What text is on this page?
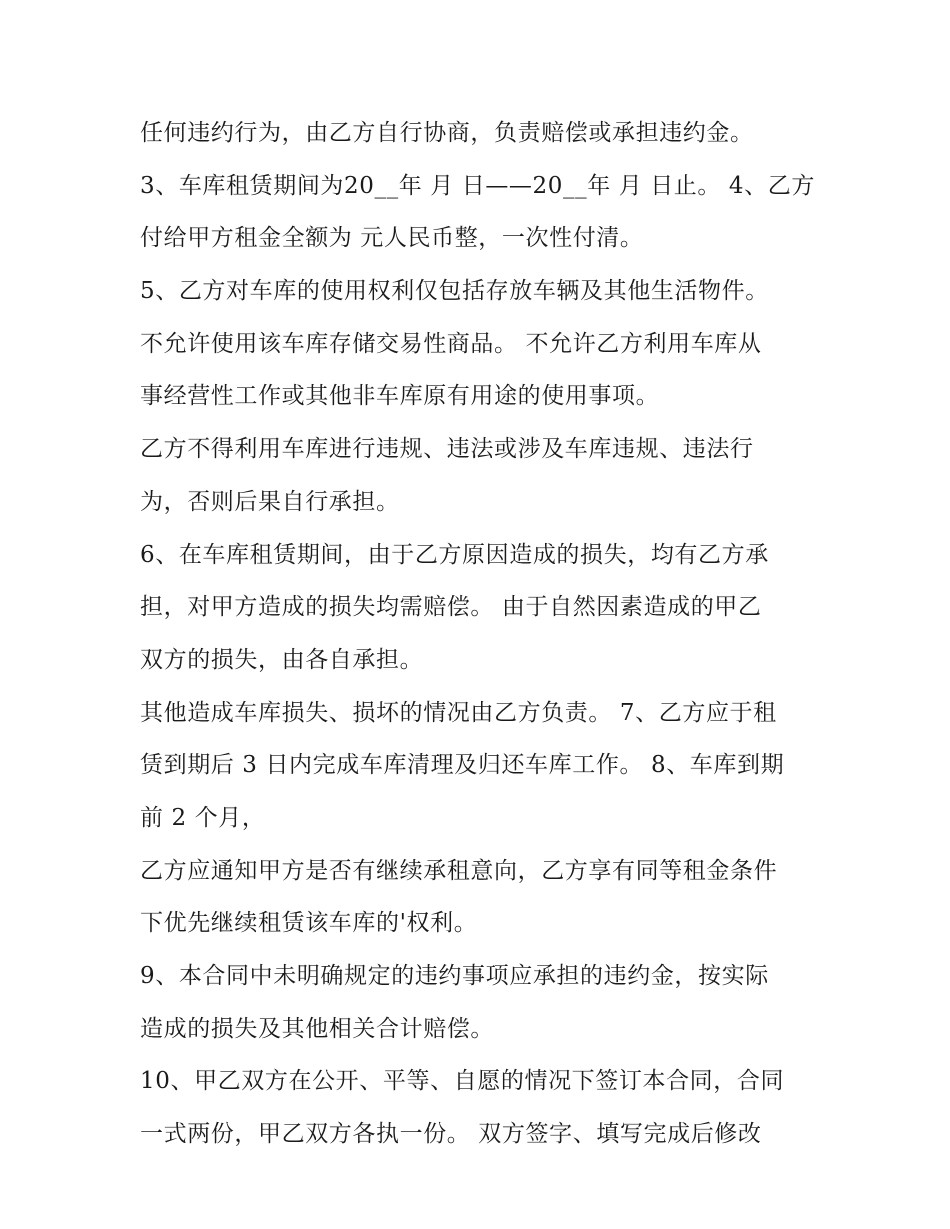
任何违约行为，由乙方自行协商，负责赔偿或承担违约金。
3、车库租赁期间为20__年 月 日——20__年 月 日止。 4、乙方
付给甲方租金全额为 元人民币整，一次性付清。
5、乙方对车库的使用权利仅包括存放车辆及其他生活物件。
不允许使用该车库存储交易性商品。 不允许乙方利用车库从
事经营性工作或其他非车库原有用途的使用事项。
乙方不得利用车库进行违规、违法或涉及车库违规、违法行
为，否则后果自行承担。
6、在车库租赁期间，由于乙方原因造成的损失，均有乙方承
担，对甲方造成的损失均需赔偿。 由于自然因素造成的甲乙
双方的损失，由各自承担。
其他造成车库损失、损坏的情况由乙方负责。 7、乙方应于租
赁到期后 3 日内完成车库清理及归还车库工作。 8、车库到期
前 2 个月，
乙方应通知甲方是否有继续承租意向，乙方享有同等租金条件
下优先继续租赁该车库的'权利。
9、本合同中未明确规定的违约事项应承担的违约金，按实际
造成的损失及其他相关合计赔偿。
10、甲乙双方在公开、平等、自愿的情况下签订本合同，合同
一式两份，甲乙双方各执一份。 双方签字、填写完成后修改
